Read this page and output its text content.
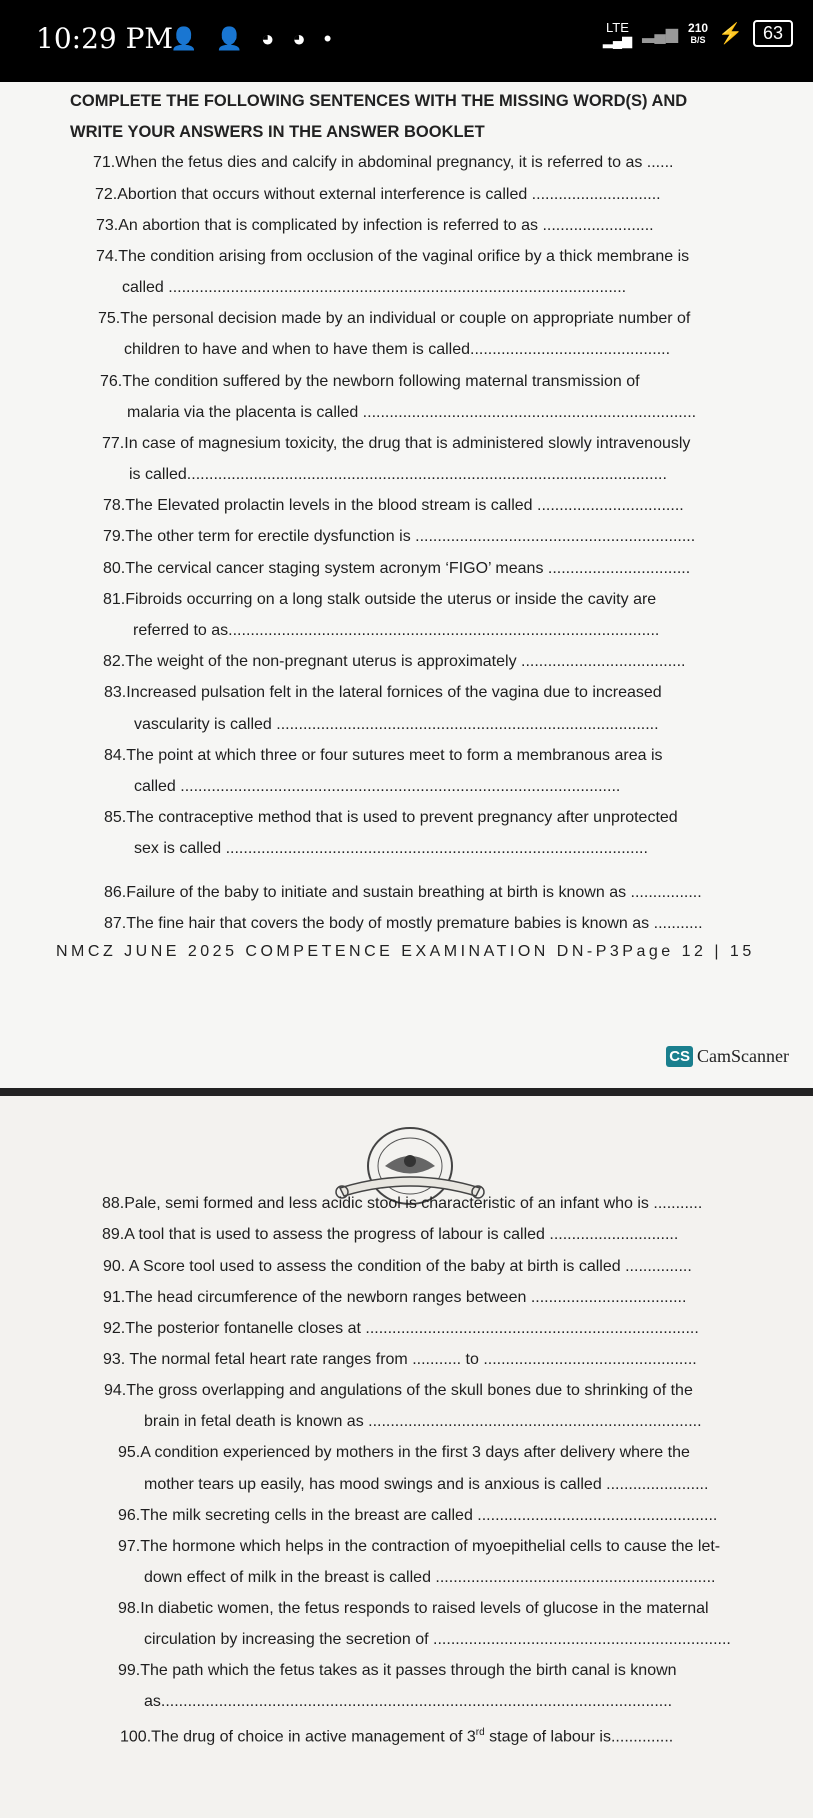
10:29 PM
👤 👤 ◕ ◕ •	LTE
▂▄▆ ▂▄▆ 210
B/S ⚡	63
COMPLETE THE FOLLOWING SENTENCES WITH THE MISSING WORD(S) AND
WRITE YOUR ANSWERS IN THE ANSWER BOOKLET
71.When the fetus dies and calcify in abdominal pregnancy, it is referred to as ......
72.Abortion that occurs without external interference is called .............................
73.An abortion that is complicated by infection is referred to as .........................
74.The condition arising from occlusion of the vaginal orifice by a thick membrane is
called .......................................................................................................
75.The personal decision made by an individual or couple on appropriate number of
children to have and when to have them is called.............................................
76.The condition suffered by the newborn following maternal transmission of
malaria via the placenta is called ...........................................................................
77.In case of magnesium toxicity, the drug that is administered slowly intravenously
is called............................................................................................................
78.The Elevated prolactin levels in the blood stream is called .................................
79.The other term for erectile dysfunction is ...............................................................
80.The cervical cancer staging system acronym ‘FIGO’ means ................................
81.Fibroids occurring on a long stalk outside the uterus or inside the cavity are
referred to as.................................................................................................
82.The weight of the non-pregnant uterus is approximately .....................................
83.Increased pulsation felt in the lateral fornices of the vagina due to increased
vascularity is called ......................................................................................
84.The point at which three or four sutures meet to form a membranous area is
called ...................................................................................................
85.The contraceptive method that is used to prevent pregnancy after unprotected
sex is called ...............................................................................................
86.Failure of the baby to initiate and sustain breathing at birth is known as ................
87.The fine hair that covers the body of mostly premature babies is known as ...........
NMCZ JUNE 2025 COMPETENCE EXAMINATION DN-P3Page 12 | 15
CS CamScanner
88.Pale, semi formed and less acidic stool is characteristic of an infant who is ...........
89.A tool that is used to assess the progress of labour is called .............................
90. A Score tool used to assess the condition of the baby at birth is called ...............
91.The head circumference of the newborn ranges between ...................................
92.The posterior fontanelle closes at ...........................................................................
93. The normal fetal heart rate ranges from ........... to ................................................
94.The gross overlapping and angulations of the skull bones due to shrinking of the
brain in fetal death is known as ...........................................................................
95.A condition experienced by mothers in the first 3 days after delivery where the
mother tears up easily, has mood swings and is anxious is called .......................
96.The milk secreting cells in the breast are called ......................................................
97.The hormone which helps in the contraction of myoepithelial cells to cause the let-
down effect of milk in the breast is called ...............................................................
98.In diabetic women, the fetus responds to raised levels of glucose in the maternal
circulation by increasing the secretion of ...................................................................
99.The path which the fetus takes as it passes through the birth canal is known
as...................................................................................................................
100.The drug of choice in active management of 3rd stage of labour is..............
